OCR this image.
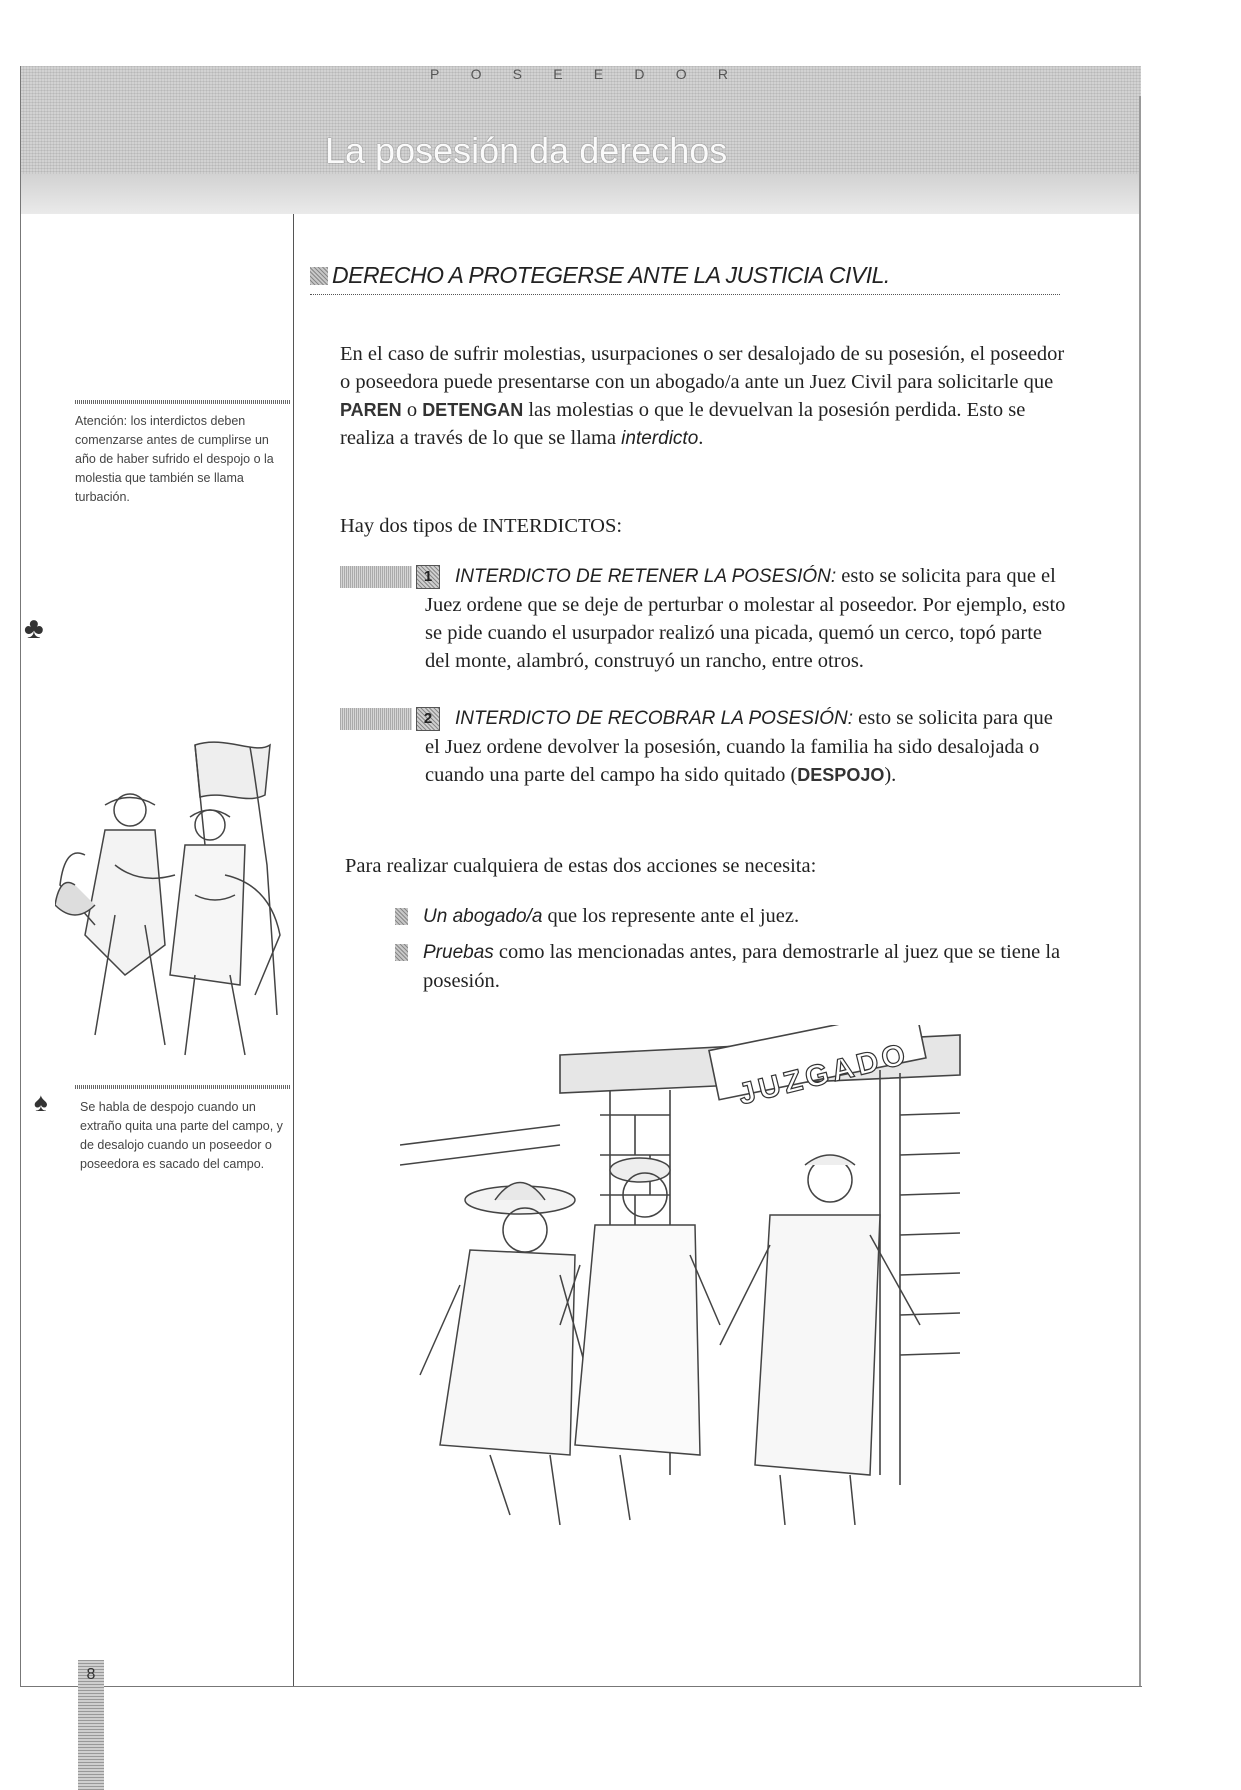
P O S E E D O R
La posesión da derechos
DERECHO A PROTEGERSE ANTE LA JUSTICIA CIVIL.
En el caso de sufrir molestias, usurpaciones o ser desalojado de su posesión, el poseedor o poseedora puede presentarse con un abogado/a ante un Juez Civil para solicitarle que PAREN o DETENGAN las molestias o que le devuelvan la posesión perdida. Esto se realiza a través de lo que se llama interdicto.
Hay dos tipos de INTERDICTOS:
1	INTERDICTO DE RETENER LA POSESIÓN: esto se solicita para que el Juez ordene que se deje de perturbar o molestar al poseedor. Por ejemplo, esto se pide cuando el usurpador realizó una picada, quemó un cerco, topó parte del monte, alambró, construyó un rancho, entre otros.
2	INTERDICTO DE RECOBRAR LA POSESIÓN: esto se solicita para que el Juez ordene devolver la posesión, cuando la familia ha sido desalojada o cuando una parte del campo ha sido quitado (DESPOJO).
Para realizar cualquiera de estas dos acciones se necesita:
Un abogado/a que los represente ante el juez.
Pruebas como las mencionadas antes, para demostrarle al juez que se tiene la posesión.
Atención: los interdictos deben comenzarse antes de cumplirse un año de haber sufrido el despojo o la molestia que también se llama turbación.
♣
♠	Se habla de despojo cuando un extraño quita una parte del campo, y de desalojo cuando un poseedor o poseedora es sacado del campo.
8
JUZGADO
